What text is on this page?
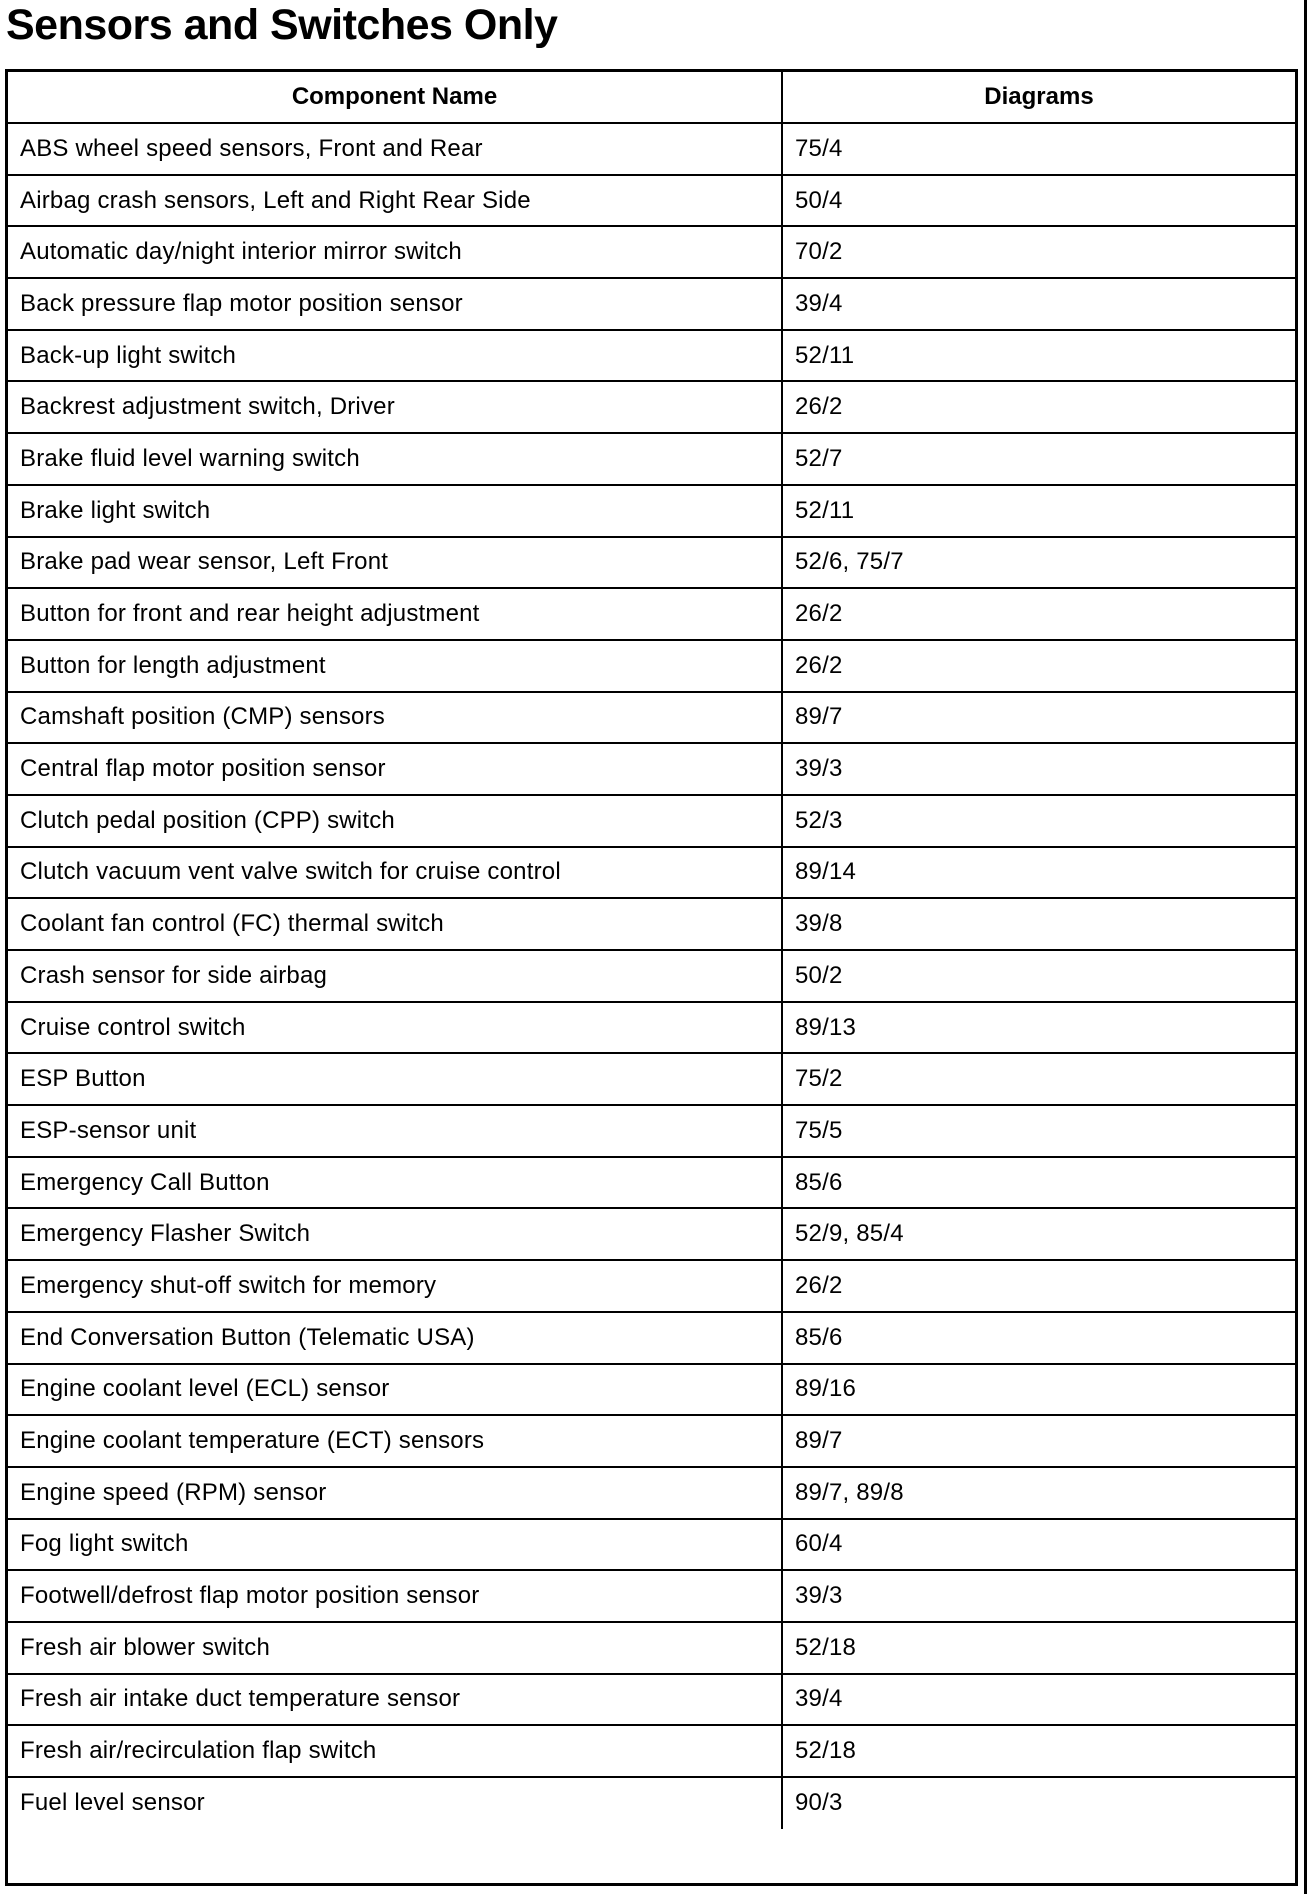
Sensors and Switches Only
Component Name	Diagrams
ABS wheel speed sensors, Front and Rear	75/4
Airbag crash sensors, Left and Right Rear Side	50/4
Automatic day/night interior mirror switch	70/2
Back pressure flap motor position sensor	39/4
Back-up light switch	52/11
Backrest adjustment switch, Driver	26/2
Brake fluid level warning switch	52/7
Brake light switch	52/11
Brake pad wear sensor, Left Front	52/6, 75/7
Button for front and rear height adjustment	26/2
Button for length adjustment	26/2
Camshaft position (CMP) sensors	89/7
Central flap motor position sensor	39/3
Clutch pedal position (CPP) switch	52/3
Clutch vacuum vent valve switch for cruise control	89/14
Coolant fan control (FC) thermal switch	39/8
Crash sensor for side airbag	50/2
Cruise control switch	89/13
ESP Button	75/2
ESP-sensor unit	75/5
Emergency Call Button	85/6
Emergency Flasher Switch	52/9, 85/4
Emergency shut-off switch for memory	26/2
End Conversation Button (Telematic USA)	85/6
Engine coolant level (ECL) sensor	89/16
Engine coolant temperature (ECT) sensors	89/7
Engine speed (RPM) sensor	89/7, 89/8
Fog light switch	60/4
Footwell/defrost flap motor position sensor	39/3
Fresh air blower switch	52/18
Fresh air intake duct temperature sensor	39/4
Fresh air/recirculation flap switch	52/18
Fuel level sensor	90/3
